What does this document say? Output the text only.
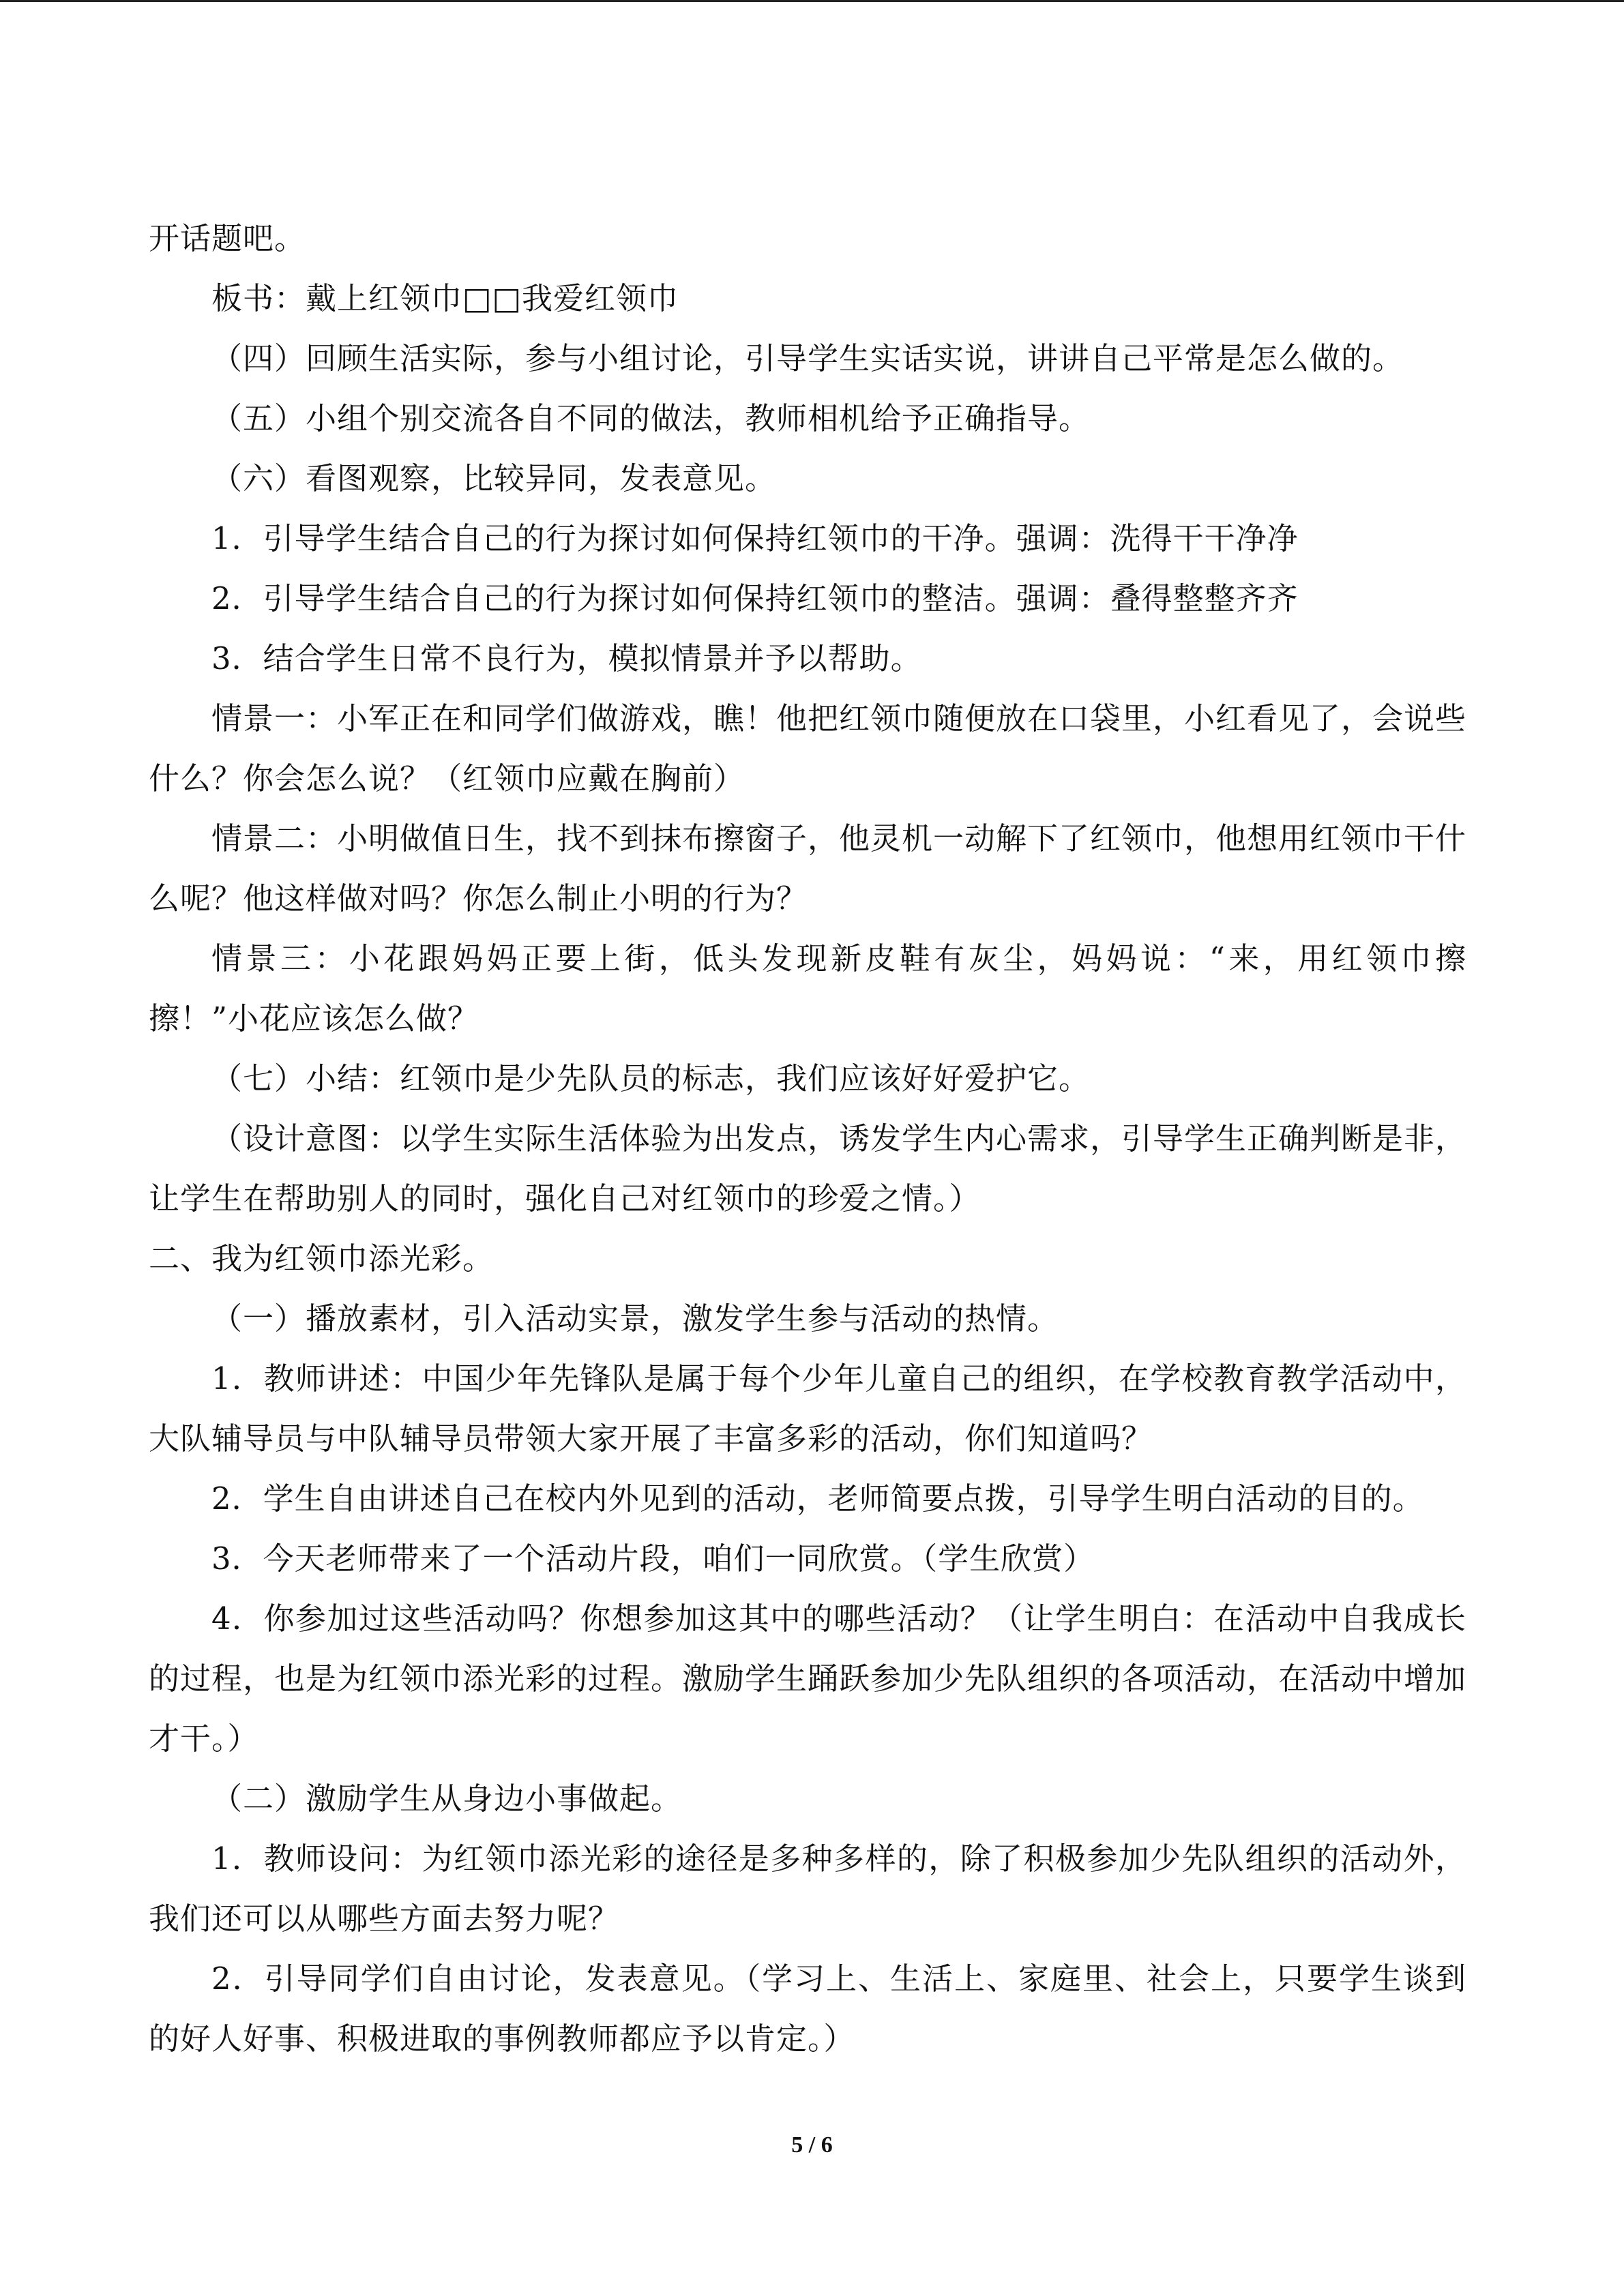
开话题吧。

板书：戴上红领巾□□我爱红领巾

（四）回顾生活实际，参与小组讨论，引导学生实话实说，讲讲自己平常是怎么做的。

（五）小组个别交流各自不同的做法，教师相机给予正确指导。

（六）看图观察，比较异同，发表意见。

1．引导学生结合自己的行为探讨如何保持红领巾的干净。强调：洗得干干净净

2．引导学生结合自己的行为探讨如何保持红领巾的整洁。强调：叠得整整齐齐

3．结合学生日常不良行为，模拟情景并予以帮助。

情景一：小军正在和同学们做游戏，瞧！他把红领巾随便放在口袋里，小红看见了，会说些什么？你会怎么说？（红领巾应戴在胸前）

情景二：小明做值日生，找不到抹布擦窗子，他灵机一动解下了红领巾，他想用红领巾干什么呢？他这样做对吗？你怎么制止小明的行为？

情景三：小花跟妈妈正要上街，低头发现新皮鞋有灰尘，妈妈说：“来，用红领巾擦擦！”小花应该怎么做？

（七）小结：红领巾是少先队员的标志，我们应该好好爱护它。

（设计意图：以学生实际生活体验为出发点，诱发学生内心需求，引导学生正确判断是非，让学生在帮助别人的同时，强化自己对红领巾的珍爱之情。）

二、我为红领巾添光彩。

（一）播放素材，引入活动实景，激发学生参与活动的热情。

1．教师讲述：中国少年先锋队是属于每个少年儿童自己的组织，在学校教育教学活动中，大队辅导员与中队辅导员带领大家开展了丰富多彩的活动，你们知道吗？

2．学生自由讲述自己在校内外见到的活动，老师简要点拨，引导学生明白活动的目的。

3．今天老师带来了一个活动片段，咱们一同欣赏。（学生欣赏）

4．你参加过这些活动吗？你想参加这其中的哪些活动？（让学生明白：在活动中自我成长的过程，也是为红领巾添光彩的过程。激励学生踊跃参加少先队组织的各项活动，在活动中增加才干。）

（二）激励学生从身边小事做起。

1．教师设问：为红领巾添光彩的途径是多种多样的，除了积极参加少先队组织的活动外，我们还可以从哪些方面去努力呢？

2．引导同学们自由讨论，发表意见。（学习上、生活上、家庭里、社会上，只要学生谈到的好人好事、积极进取的事例教师都应予以肯定。）

5 / 6
